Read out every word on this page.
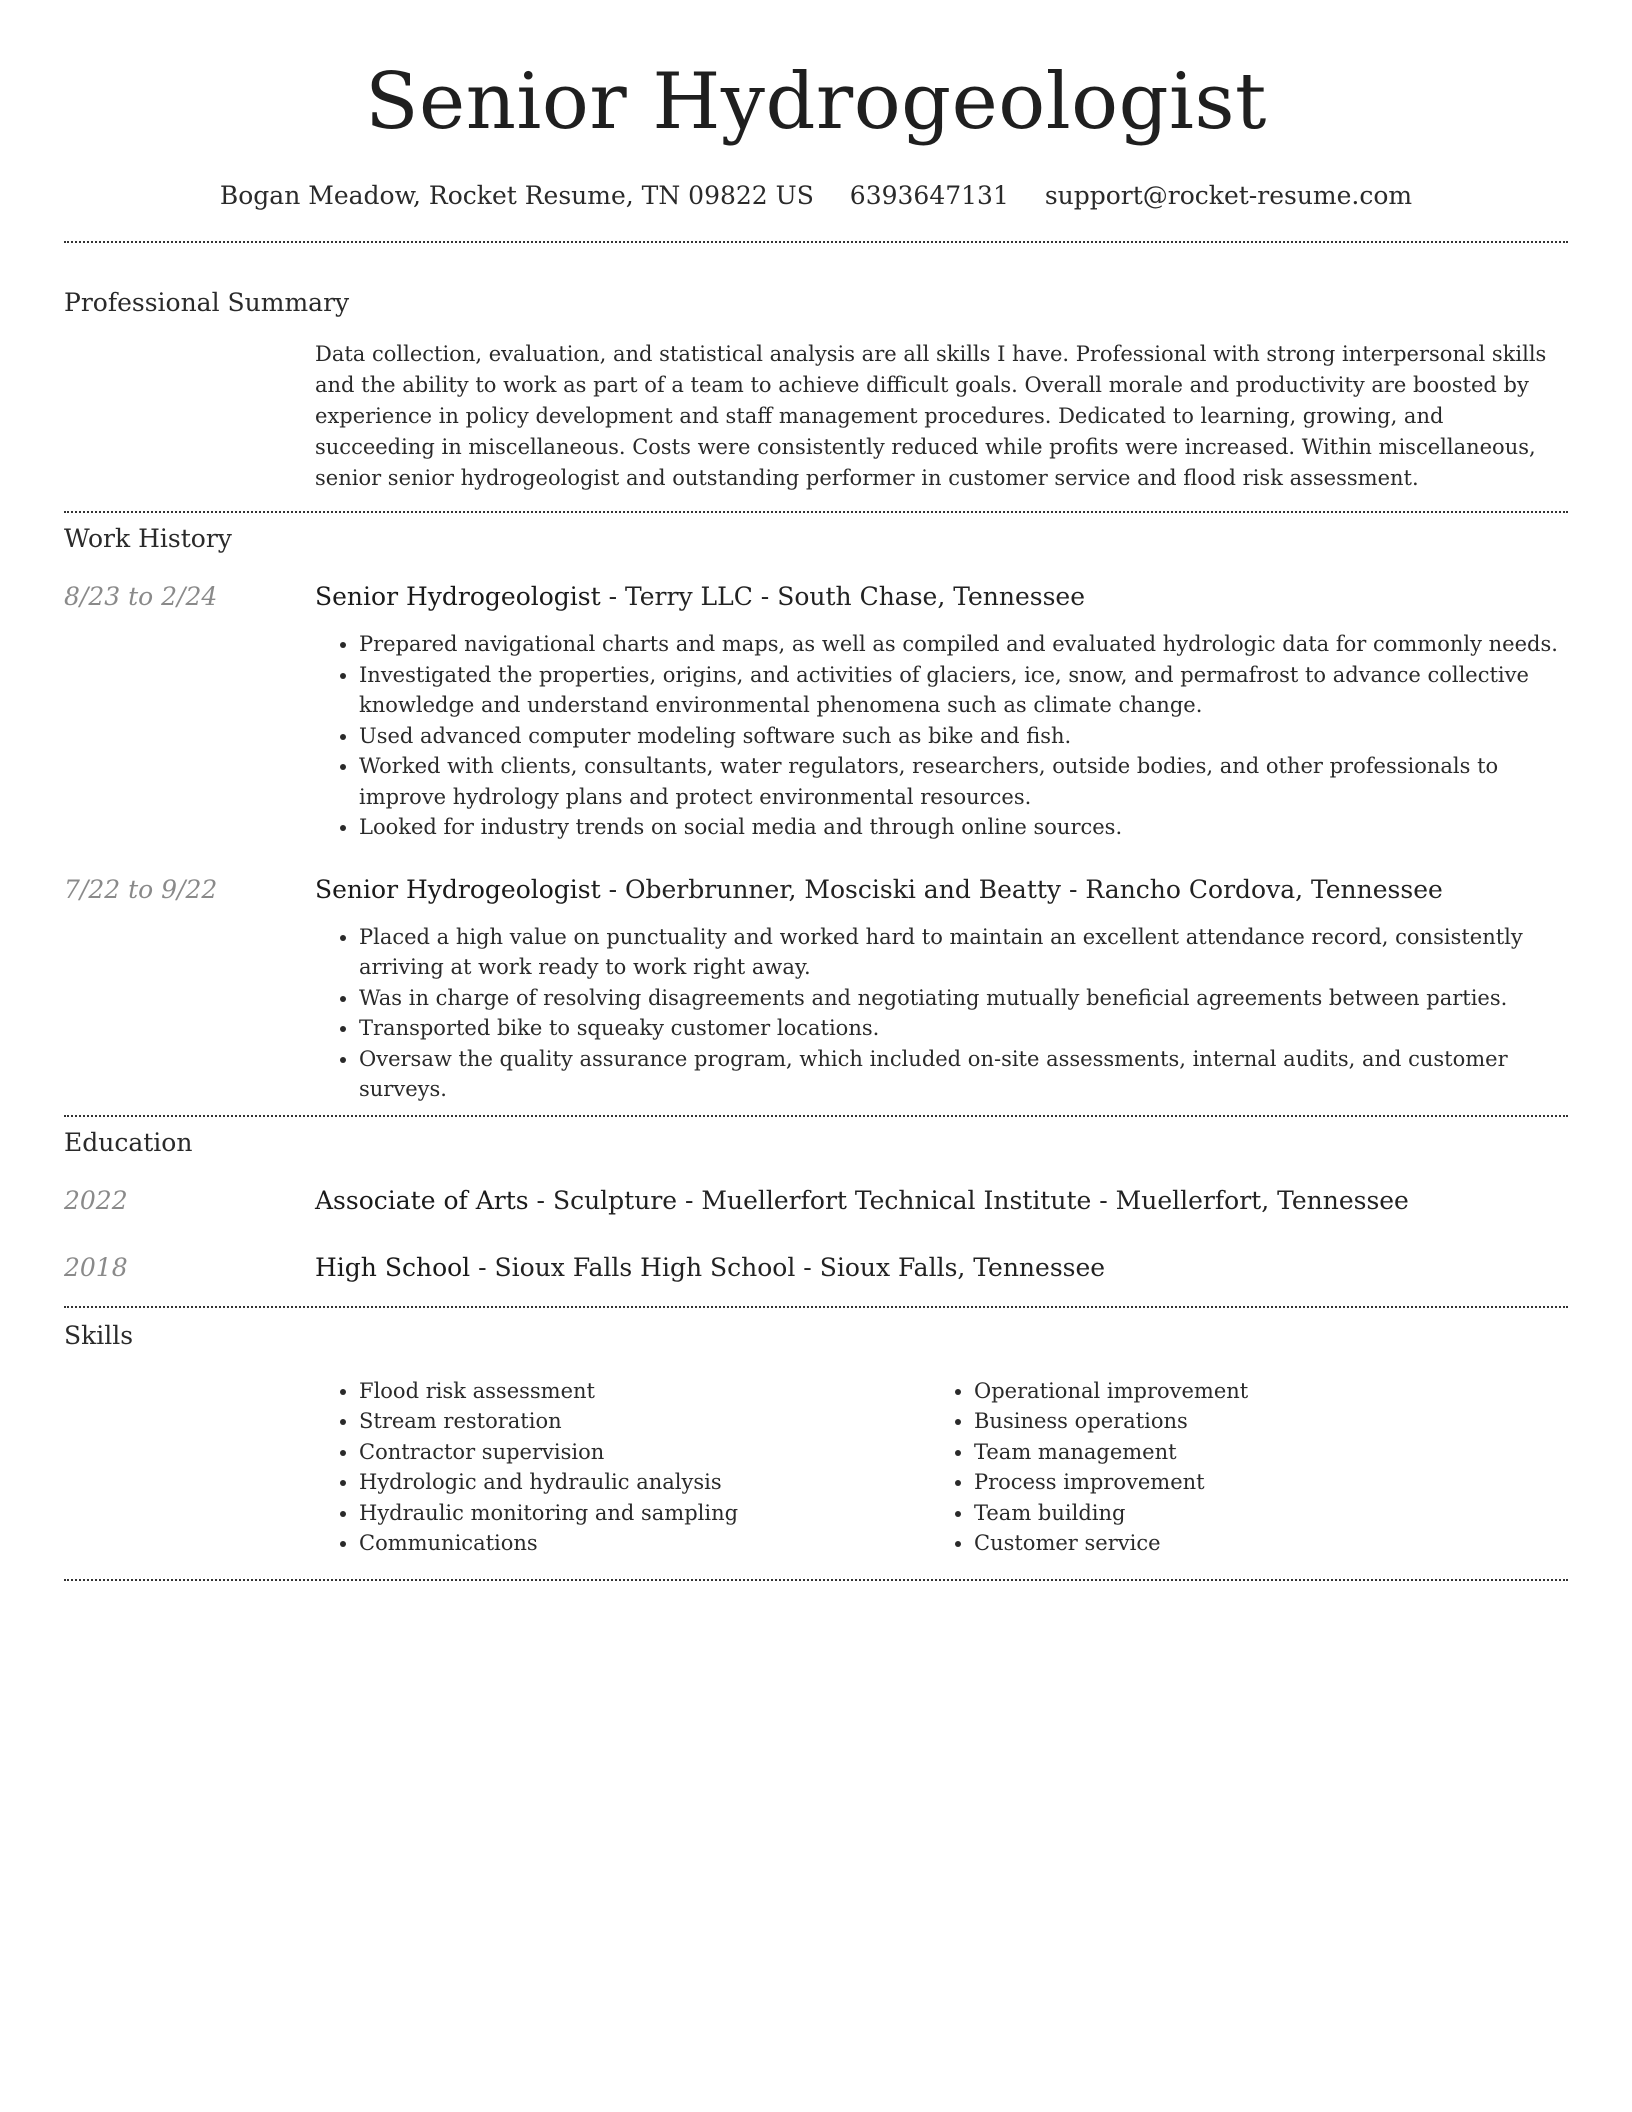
Senior Hydrogeologist
Bogan Meadow, Rocket Resume, TN 09822 US 6393647131 support@rocket-resume.com
Professional Summary

Data collection, evaluation, and statistical analysis are all skills I have. Professional with strong interpersonal skills and the ability to work as part of a team to achieve difficult goals. Overall morale and productivity are boosted by experience in policy development and staff management procedures. Dedicated to learning, growing, and succeeding in miscellaneous. Costs were consistently reduced while profits were increased. Within miscellaneous, senior senior hydrogeologist and outstanding performer in customer service and flood risk assessment.

Work History
8/23 to 2/24	Senior Hydrogeologist - Terry LLC - South Chase, Tennessee

• Prepared navigational charts and maps, as well as compiled and evaluated hydrologic data for commonly needs.
• Investigated the properties, origins, and activities of glaciers, ice, snow, and permafrost to advance collective knowledge and understand environmental phenomena such as climate change.
• Used advanced computer modeling software such as bike and fish.
• Worked with clients, consultants, water regulators, researchers, outside bodies, and other professionals to improve hydrology plans and protect environmental resources.
• Looked for industry trends on social media and through online sources.
7/22 to 9/22	Senior Hydrogeologist - Oberbrunner, Mosciski and Beatty - Rancho Cordova, Tennessee

• Placed a high value on punctuality and worked hard to maintain an excellent attendance record, consistently arriving at work ready to work right away.
• Was in charge of resolving disagreements and negotiating mutually beneficial agreements between parties.
• Transported bike to squeaky customer locations.
• Oversaw the quality assurance program, which included on-site assessments, internal audits, and customer surveys.
Education
2022	Associate of Arts - Sculpture - Muellerfort Technical Institute - Muellerfort, Tennessee

2018	High School - Sioux Falls High School - Sioux Falls, Tennessee

Skills
• Flood risk assessment
• Stream restoration
• Contractor supervision
• Hydrologic and hydraulic analysis
• Hydraulic monitoring and sampling
• Communications
• Operational improvement
• Business operations
• Team management
• Process improvement
• Team building
• Customer service
